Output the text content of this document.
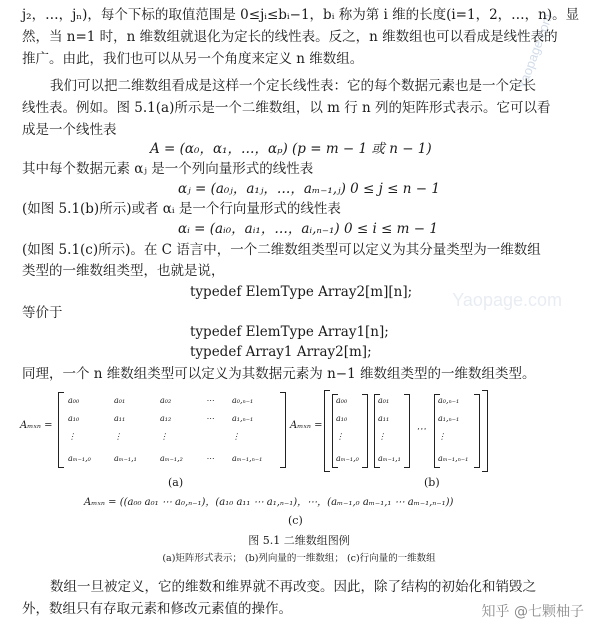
Yaopage.com
Yaopage.com
j₂，…，jₙ)，每个下标的取值范围是 0≤jᵢ≤bᵢ−1，bᵢ 称为第 i 维的长度(i=1，2，…，n)。显
然，当 n=1 时，n 维数组就退化为定长的线性表。反之，n 维数组也可以看成是线性表的
推广。由此，我们也可以从另一个角度来定义 n 维数组。
我们可以把二维数组看成是这样一个定长线性表：它的每个数据元素也是一个定长
线性表。例如。图 5.1(a)所示是一个二维数组，以 m 行 n 列的矩阵形式表示。它可以看
成是一个线性表
A = (α₀，α₁，…，αₚ) (p = m − 1 或 n − 1)
其中每个数据元素 αⱼ 是一个列向量形式的线性表
αⱼ = (a₀ⱼ，a₁ⱼ，…，aₘ₋₁,ⱼ) 0 ≤ j ≤ n − 1
(如图 5.1(b)所示)或者 αᵢ 是一个行向量形式的线性表
αᵢ = (aᵢ₀，aᵢ₁，…，aᵢ,ₙ₋₁) 0 ≤ i ≤ m − 1
(如图 5.1(c)所示)。在 C 语言中，一个二维数组类型可以定义为其分量类型为一维数组
类型的一维数组类型，也就是说，
typedef ElemType Array2[m][n];
等价于
typedef ElemType Array1[n];
typedef Array1 Array2[m];
同理，一个 n 维数组类型可以定义为其数据元素为 n−1 维数组类型的一维数组类型。
Aₘₓₙ =	Aₘₓₙ =	⋯
(a)	(b)
Aₘₓₙ = ((a₀₀ a₀₁ ⋯ a₀,ₙ₋₁)，(a₁₀ a₁₁ ⋯ a₁,ₙ₋₁)，⋯，(aₘ₋₁,₀ aₘ₋₁,₁ ⋯ aₘ₋₁,ₙ₋₁))
(c)
a₀₀	a₀₁	a₀₂	⋯ a₀,ₙ₋₁
a₁₀	a₁₁	a₁₂	⋯ a₁,ₙ₋₁
⋮	⋮	⋮	⋮
aₘ₋₁,₀	aₘ₋₁,₁	aₘ₋₁,₂	⋯ aₘ₋₁,ₙ₋₁
a₀₀
a₁₀
⋮
aₘ₋₁,₀
a₀₁
a₁₁
⋮
aₘ₋₁,₁
a₀,ₙ₋₁
a₁,ₙ₋₁
⋮
aₘ₋₁,ₙ₋₁
图 5.1 二维数组图例
(a)矩阵形式表示； (b)列向量的一维数组； (c)行向量的一维数组
数组一旦被定义，它的维数和维界就不再改变。因此，除了结构的初始化和销毁之
外，数组只有存取元素和修改元素值的操作。	知乎 @七颗柚子
